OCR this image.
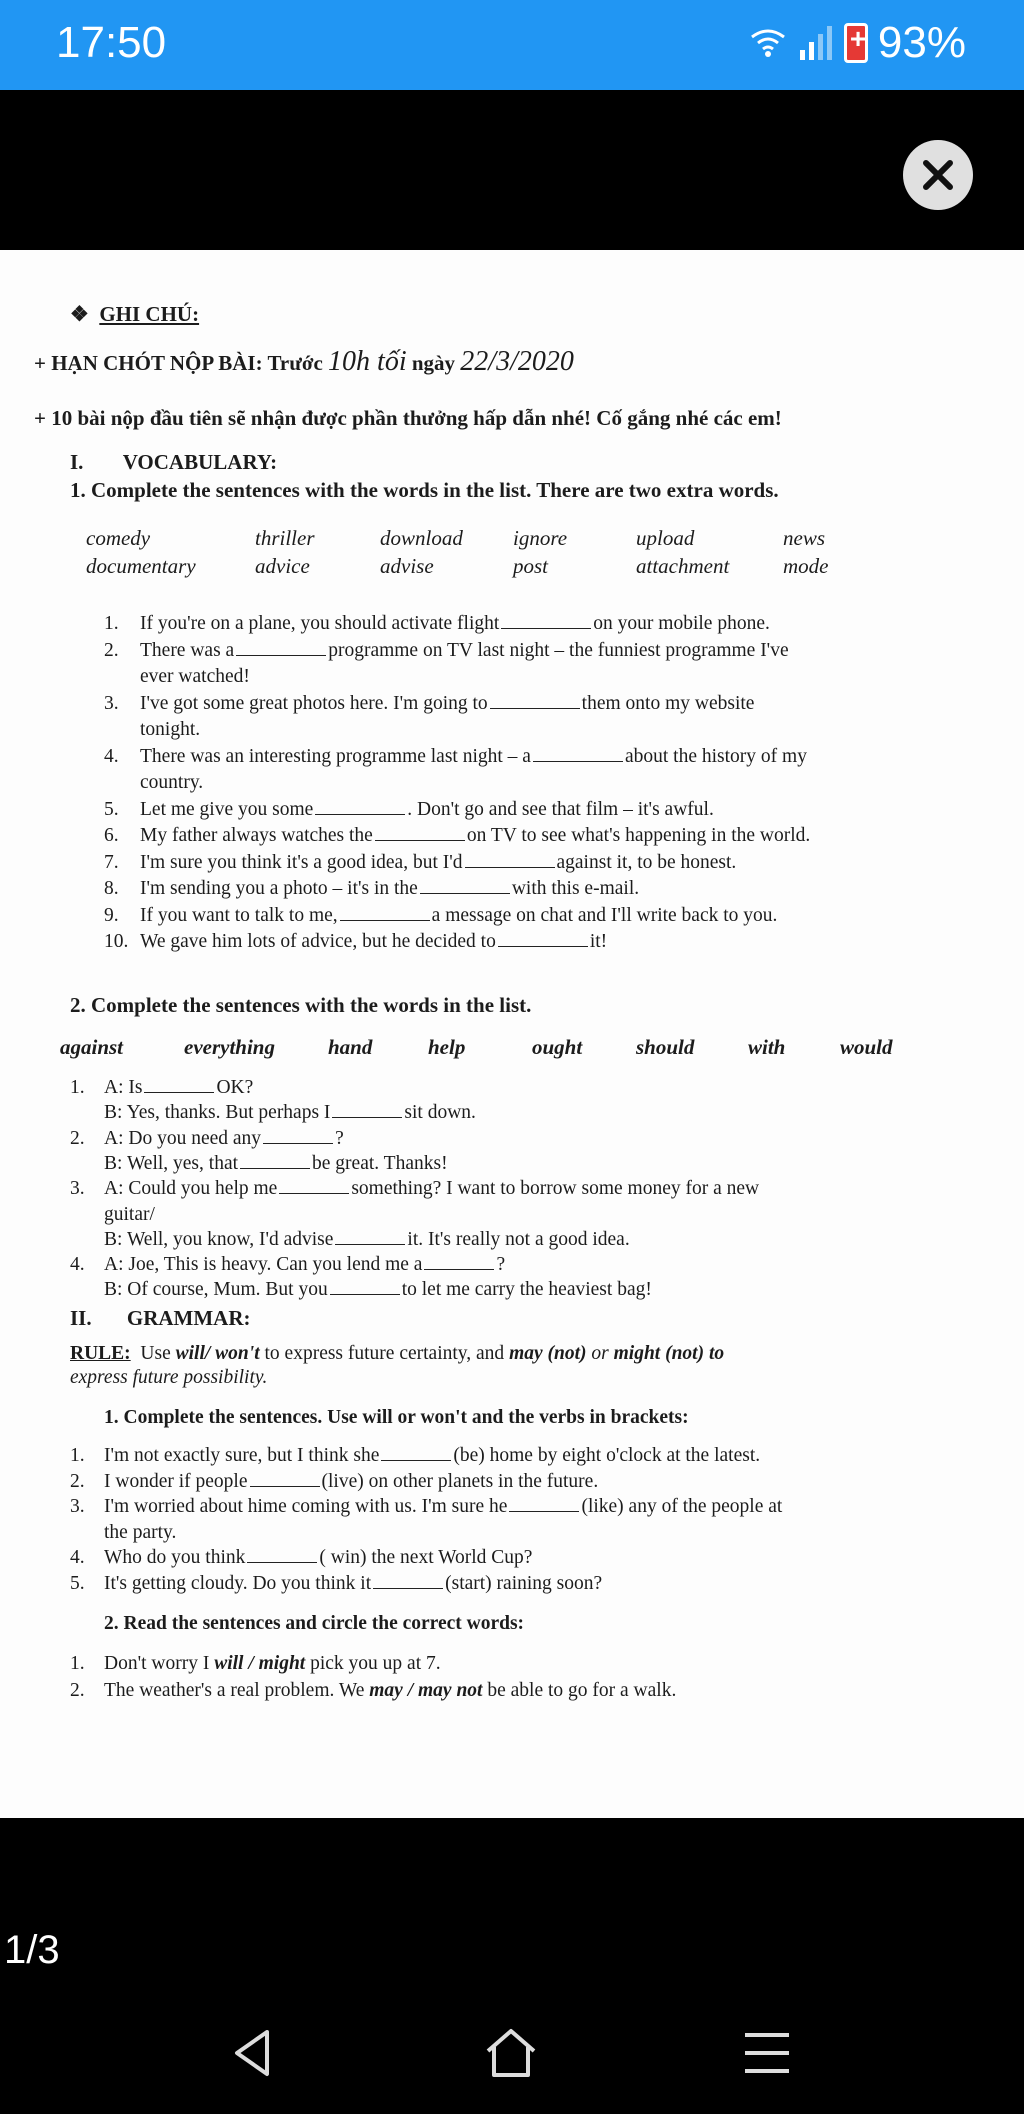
17:50
+	93%
❖ GHI CHÚ:
+ HẠN CHÓT NỘP BÀI: Trước 10h tối ngày 22/3/2020
+ 10 bài nộp đầu tiên sẽ nhận được phần thưởng hấp dẫn nhé! Cố gắng nhé các em!
I. VOCABULARY:
1. Complete the sentences with the words in the list. There are two extra words.
comedy	thriller	download ignore	upload	news
documentary	advice	advise	post	attachment	mode
1. If you're on a plane, you should activate flight	on your mobile phone.
2. There was a	programme on TV last night – the funniest programme I've
ever watched!
3. I've got some great photos here. I'm going to	them onto my website
tonight.
4. There was an interesting programme last night – a	about the history of my
country.
5. Let me give you some	. Don't go and see that film – it's awful.
6. My father always watches the	on TV to see what's happening in the world.
7. I'm sure you think it's a good idea, but I'd	against it, to be honest.
8. I'm sending you a photo – it's in the	with this e-mail.
9. If you want to talk to me,	a message on chat and I'll write back to you.
10. We gave him lots of advice, but he decided to	it!
2. Complete the sentences with the words in the list.
against	everything	hand	help	ought	should	with	would
1. A: Is	OK?
B: Yes, thanks. But perhaps I	sit down.
2. A: Do you need any	?
B: Well, yes, that	be great. Thanks!
3. A: Could you help me	something? I want to borrow some money for a new
guitar/
B: Well, you know, I'd advise	it. It's really not a good idea.
4. A: Joe, This is heavy. Can you lend me a	?
B: Of course, Mum. But you	to let me carry the heaviest bag!
II. GRAMMAR:
RULE: Use will/ won't to express future certainty, and may (not) or might (not) to
express future possibility.
1. Complete the sentences. Use will or won't and the verbs in brackets:
1. I'm not exactly sure, but I think she	(be) home by eight o'clock at the latest.
2. I wonder if people	(live) on other planets in the future.
3. I'm worried about hime coming with us. I'm sure he	(like) any of the people at
the party.
4. Who do you think	( win) the next World Cup?
5. It's getting cloudy. Do you think it	(start) raining soon?
2. Read the sentences and circle the correct words:
1. Don't worry I will / might pick you up at 7.
2. The weather's a real problem. We may / may not be able to go for a walk.
1/3
